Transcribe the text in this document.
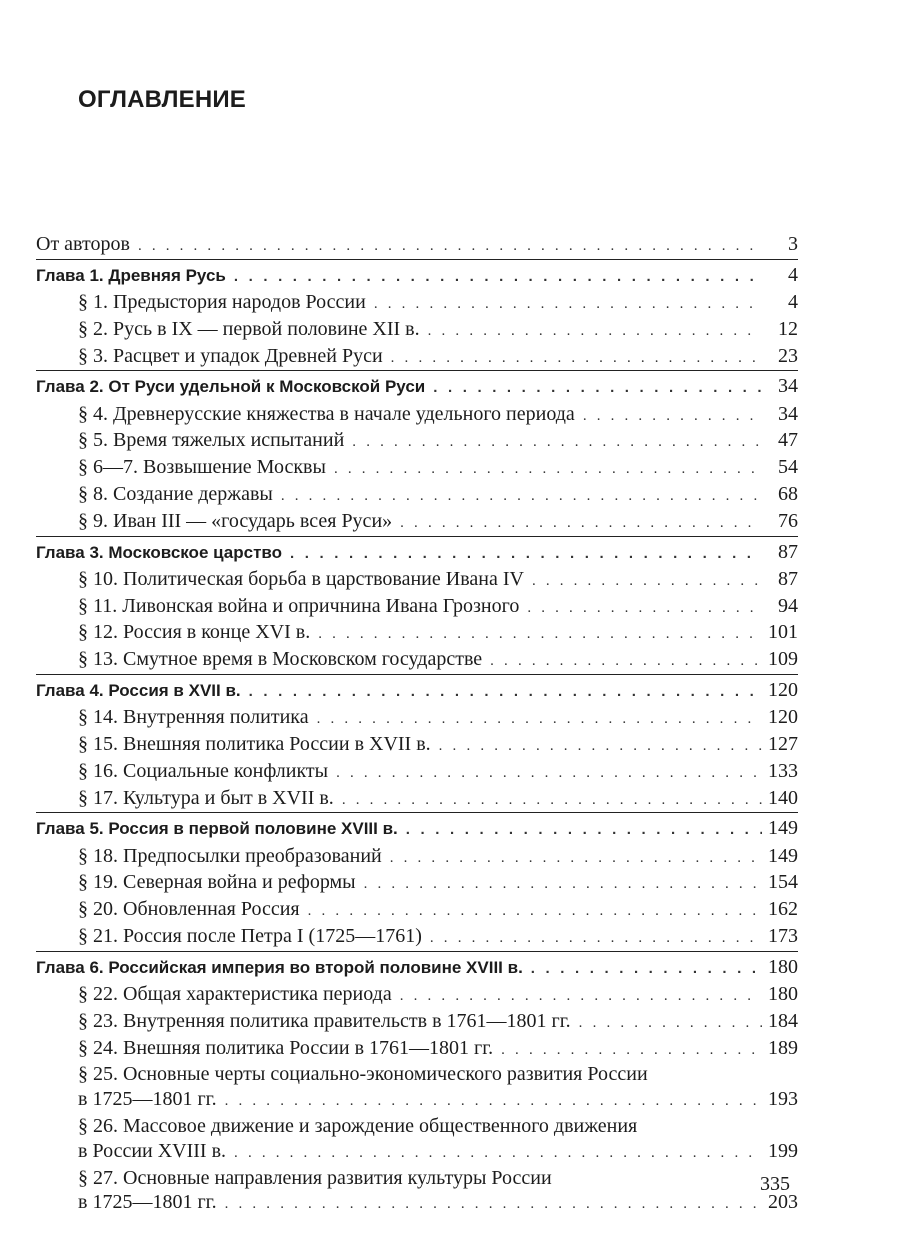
ОГЛАВЛЕНИЕ
От авторов . . .	3
Глава 1. Древняя Русь . . .	4
§ 1. Предыстория народов России . . .	4
§ 2. Русь в IX — первой половине XII в. . . .	12
§ 3. Расцвет и упадок Древней Руси . . .	23
Глава 2. От Руси удельной к Московской Руси . . .	34
§ 4. Древнерусские княжества в начале удельного периода . . .	34
§ 5. Время тяжелых испытаний . . .	47
§ 6—7. Возвышение Москвы . . .	54
§ 8. Создание державы . . .	68
§ 9. Иван III — «государь всея Руси» . . .	76
Глава 3. Московское царство . . .	87
§ 10. Политическая борьба в царствование Ивана IV . . .	87
§ 11. Ливонская война и опричнина Ивана Грозного . . .	94
§ 12. Россия в конце XVI в. . . .	101
§ 13. Смутное время в Московском государстве . . .	109
Глава 4. Россия в XVII в. . . .	120
§ 14. Внутренняя политика . . .	120
§ 15. Внешняя политика России в XVII в. . . .	127
§ 16. Социальные конфликты . . .	133
§ 17. Культура и быт в XVII в. . . .	140
Глава 5. Россия в первой половине XVIII в. . . .	149
§ 18. Предпосылки преобразований . . .	149
§ 19. Северная война и реформы . . .	154
§ 20. Обновленная Россия . . .	162
§ 21. Россия после Петра I (1725—1761) . . .	173
Глава 6. Российская империя во второй половине XVIII в. . . .	180
§ 22. Общая характеристика периода . . .	180
§ 23. Внутренняя политика правительств в 1761—1801 гг. . . .	184
§ 24. Внешняя политика России в 1761—1801 гг. . . .	189
§ 25. Основные черты социально-экономического развития России
в 1725—1801 гг. . . .	193
§ 26. Массовое движение и зарождение общественного движения
в России XVIII в. . . .	199
§ 27. Основные направления развития культуры России
в 1725—1801 гг. . . .	203
335
